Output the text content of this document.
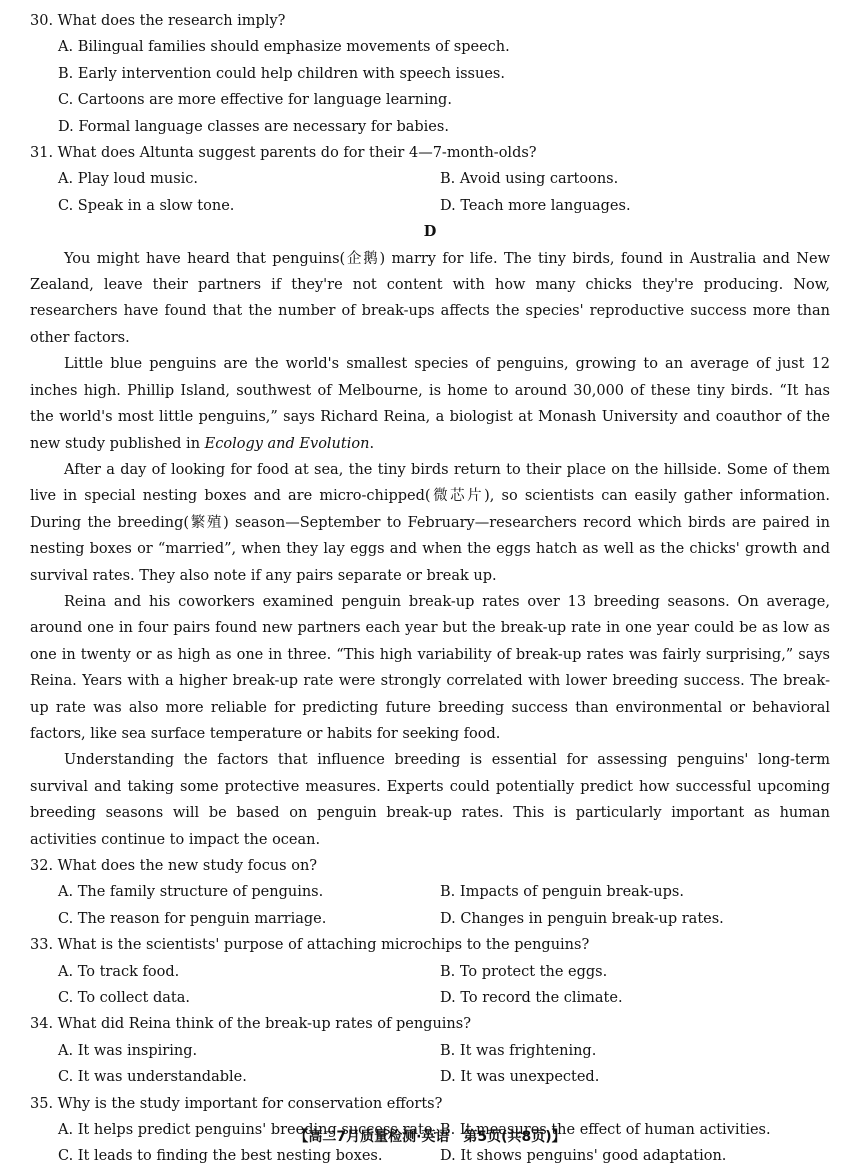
30. What does the research imply?
A. Bilingual families should emphasize movements of speech.
B. Early intervention could help children with speech issues.
C. Cartoons are more effective for language learning.
D. Formal language classes are necessary for babies.
31. What does Altunta suggest parents do for their 4—7-month-olds?
A. Play loud music.	B. Avoid using cartoons.
C. Speak in a slow tone.	D. Teach more languages.
D

You might have heard that penguins(企鹅) marry for life. The tiny birds, found in Australia and New Zealand, leave their partners if they're not content with how many chicks they're producing. Now, researchers have found that the number of break-ups affects the species' reproductive success more than other factors.

Little blue penguins are the world's smallest species of penguins, growing to an average of just 12 inches high. Phillip Island, southwest of Melbourne, is home to around 30,000 of these tiny birds. “It has the world's most little penguins,” says Richard Reina, a biologist at Monash University and coauthor of the new study published in Ecology and Evolution.

After a day of looking for food at sea, the tiny birds return to their place on the hillside. Some of them live in special nesting boxes and are micro-chipped(微芯片), so scientists can easily gather information. During the breeding(繁殖) season—September to February—researchers record which birds are paired in nesting boxes or “married”, when they lay eggs and when the eggs hatch as well as the chicks' growth and survival rates. They also note if any pairs separate or break up.

Reina and his coworkers examined penguin break-up rates over 13 breeding seasons. On average, around one in four pairs found new partners each year but the break-up rate in one year could be as low as one in twenty or as high as one in three. “This high variability of break-up rates was fairly surprising,” says Reina. Years with a higher break-up rate were strongly correlated with lower breeding success. The break-up rate was also more reliable for predicting future breeding success than environmental or behavioral factors, like sea surface temperature or habits for seeking food.

Understanding the factors that influence breeding is essential for assessing penguins' long-term survival and taking some protective measures. Experts could potentially predict how successful upcoming breeding seasons will be based on penguin break-up rates. This is particularly important as human activities continue to impact the ocean.

32. What does the new study focus on?
A. The family structure of penguins.	B. Impacts of penguin break-ups.
C. The reason for penguin marriage.	D. Changes in penguin break-up rates.
33. What is the scientists' purpose of attaching microchips to the penguins?
A. To track food.	B. To protect the eggs.
C. To collect data.	D. To record the climate.
34. What did Reina think of the break-up rates of penguins?
A. It was inspiring.	B. It was frightening.
C. It was understandable.	D. It was unexpected.
35. Why is the study important for conservation efforts?
A. It helps predict penguins' breeding success rate. B. It measures the effect of human activities.
C. It leads to finding the best nesting boxes.	D. It shows penguins' good adaptation.
【高二7月质量检测·英语　第5页(共8页)】
